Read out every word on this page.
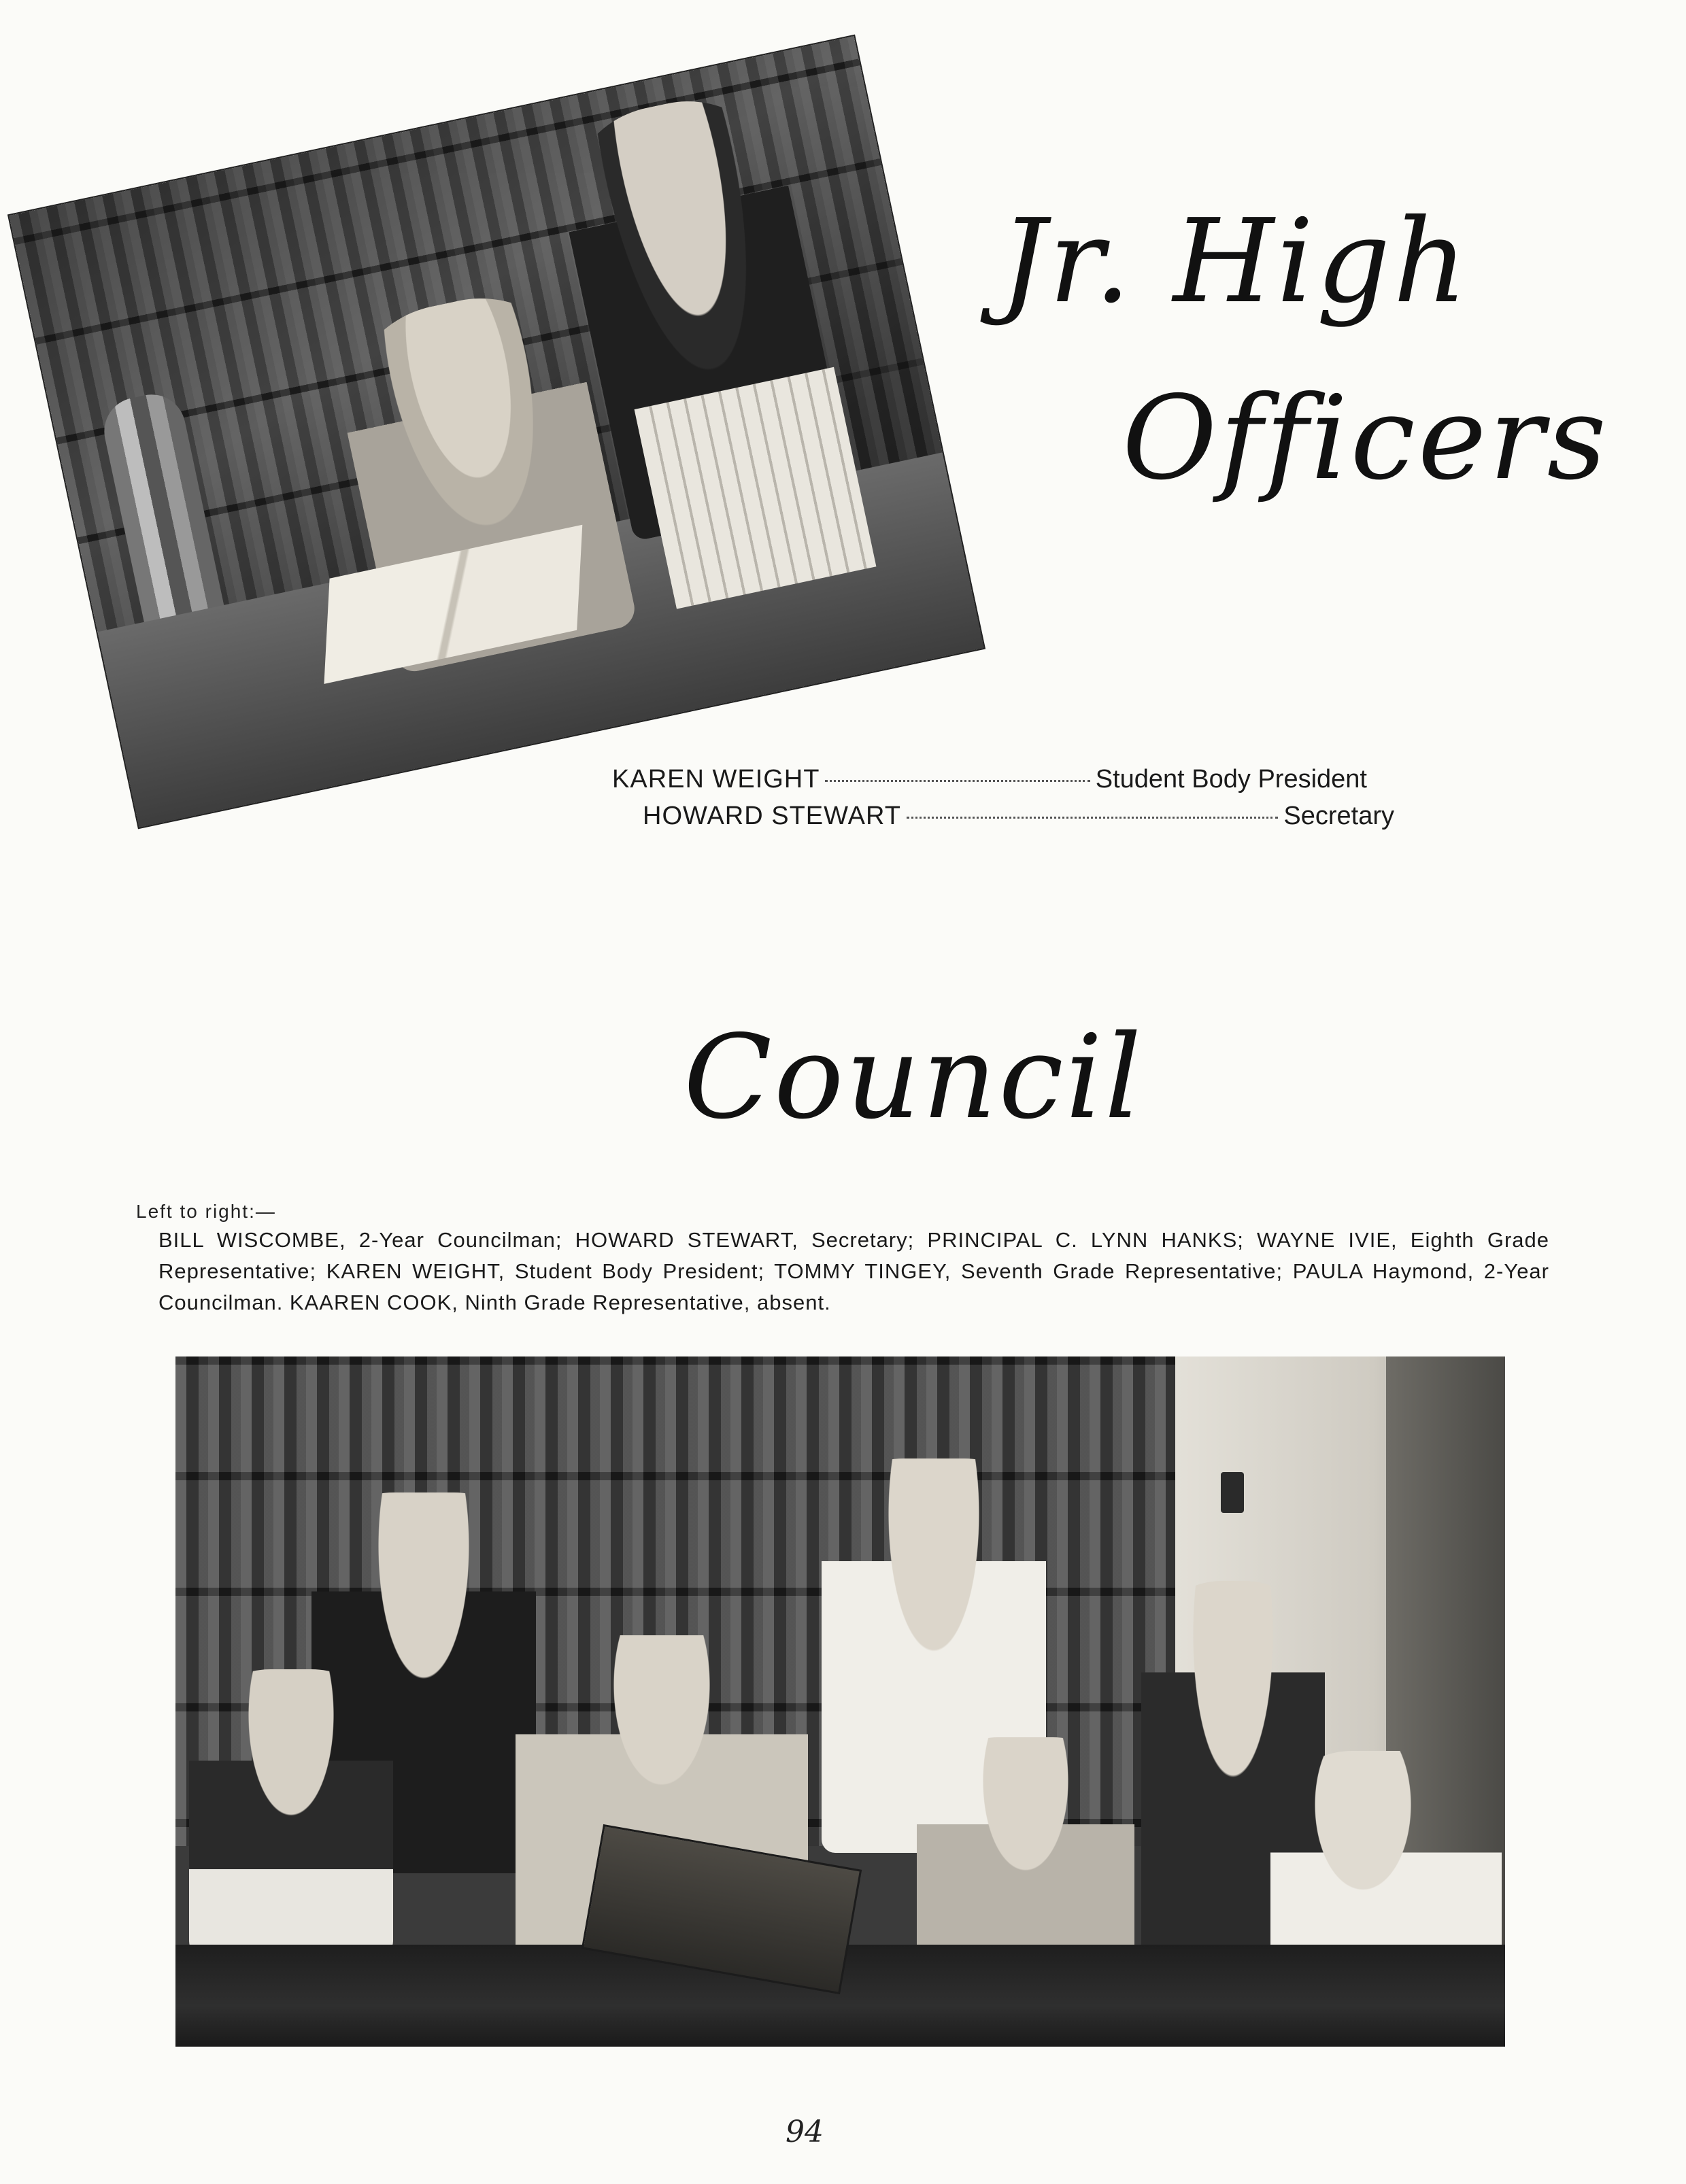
Jr. High
Officers
KAREN WEIGHT	Student Body President
HOWARD STEWART	Secretary
Council
Left to right:—
BILL WISCOMBE, 2-Year Councilman; HOWARD STEWART, Secretary; PRINCIPAL C. LYNN HANKS; WAYNE IVIE, Eighth Grade Representative; KAREN WEIGHT, Student Body President; TOMMY TINGEY, Seventh Grade Representative; PAULA Haymond, 2-Year Councilman. KAAREN COOK, Ninth Grade Representative, absent.
94
